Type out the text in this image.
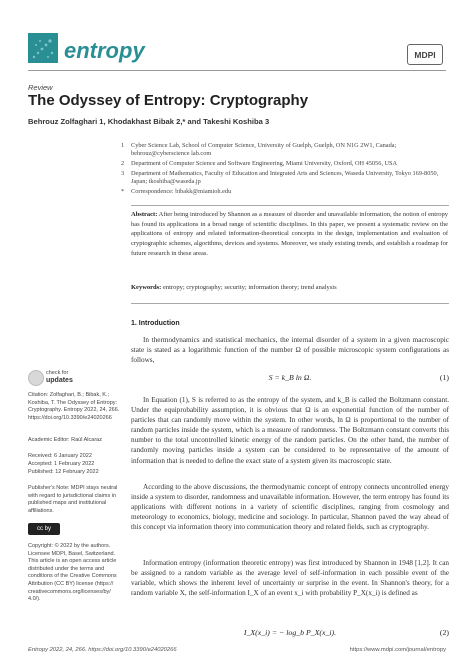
entropy	MDPI
Review
The Odyssey of Entropy: Cryptography
Behrouz Zolfaghari 1, Khodakhast Bibak 2,* and Takeshi Koshiba 3
1 Cyber Science Lab, School of Computer Science, University of Guelph, Guelph, ON N1G 2W1, Canada; behrouz@cyberscience lab.com
2 Department of Computer Science and Software Engineering, Miami University, Oxford, OH 45056, USA
3 Department of Mathematics, Faculty of Education and Integrated Arts and Sciences, Waseda University, Tokyo 169-8050, Japan; tkoshiba@waseda.jp
* Correspondence: bibakk@miamioh.edu
Abstract: After being introduced by Shannon as a measure of disorder and unavailable information, the notion of entropy has found its applications in a broad range of scientific disciplines. In this paper, we present a systematic review on the applications of entropy and related information-theoretical concepts in the design, implementation and evaluation of cryptographic schemes, algorithms, devices and systems. Moreover, we study existing trends, and establish a roadmap for future research in these areas.
Keywords: entropy; cryptography; security; information theory; trend analysis
1. Introduction
In thermodynamics and statistical mechanics, the internal disorder of a system in a given macroscopic state is stated as a logarithmic function of the number Ω of possible microscopic system configurations as follows,
S = k_B ln Ω.	(1)
In Equation (1), S is referred to as the entropy of the system, and k_B is called the Boltzmann constant. Under the equiprobability assumption, it is obvious that Ω is an exponential function of the number of particles that can randomly move within the system. In other words, ln Ω is proportional to the number of random particles inside the system, which is a measure of randomness. The Boltzmann constant converts this number to the total uncontrolled kinetic energy of the random particles. On the other hand, the number of randomly moving particles inside a system can be considered to be representative of the amount of information that is needed to define the exact state of a system given its macroscopic state.
According to the above discussions, the thermodynamic concept of entropy connects uncontrolled energy inside a system to disorder, randomness and unavailable information. However, the term entropy has found its applications with different notions in a variety of scientific disciplines, ranging from cosmology and meteorology to economics, biology, medicine and sociology. In particular, Shannon paved the way ahead of this concept via information theory into communication theory and related fields, such as cryptography.
Information entropy (information theoretic entropy) was first introduced by Shannon in 1948 [1,2]. It can be assigned to a random variable as the average level of self-information in each possible event of the variable, which shows the inherent level of uncertainty or surprise in the event. In Shannon's theory, for a random variable X, the self-information I_X of an event x_i with probability P_X(x_i) is defined as
I_X(x_i) = − log_b P_X(x_i).	(2)
check for
updates
Citation: Zolfaghari, B.; Bibak, K.; Koshiba, T. The Odyssey of Entropy: Cryptography. Entropy 2022, 24, 266. https://doi.org/10.3390/e24020266
Academic Editor: Raúl Alcaraz
Received: 6 January 2022
Accepted: 1 February 2022
Published: 12 February 2022
Publisher's Note: MDPI stays neutral with regard to jurisdictional claims in published maps and institutional affiliations.
cc by
Copyright: © 2022 by the authors. Licensee MDPI, Basel, Switzerland. This article is an open access article distributed under the terms and conditions of the Creative Commons Attribution (CC BY) license (https:// creativecommons.org/licenses/by/ 4.0/).
Entropy 2022, 24, 266. https://doi.org/10.3390/e24020266	https://www.mdpi.com/journal/entropy
